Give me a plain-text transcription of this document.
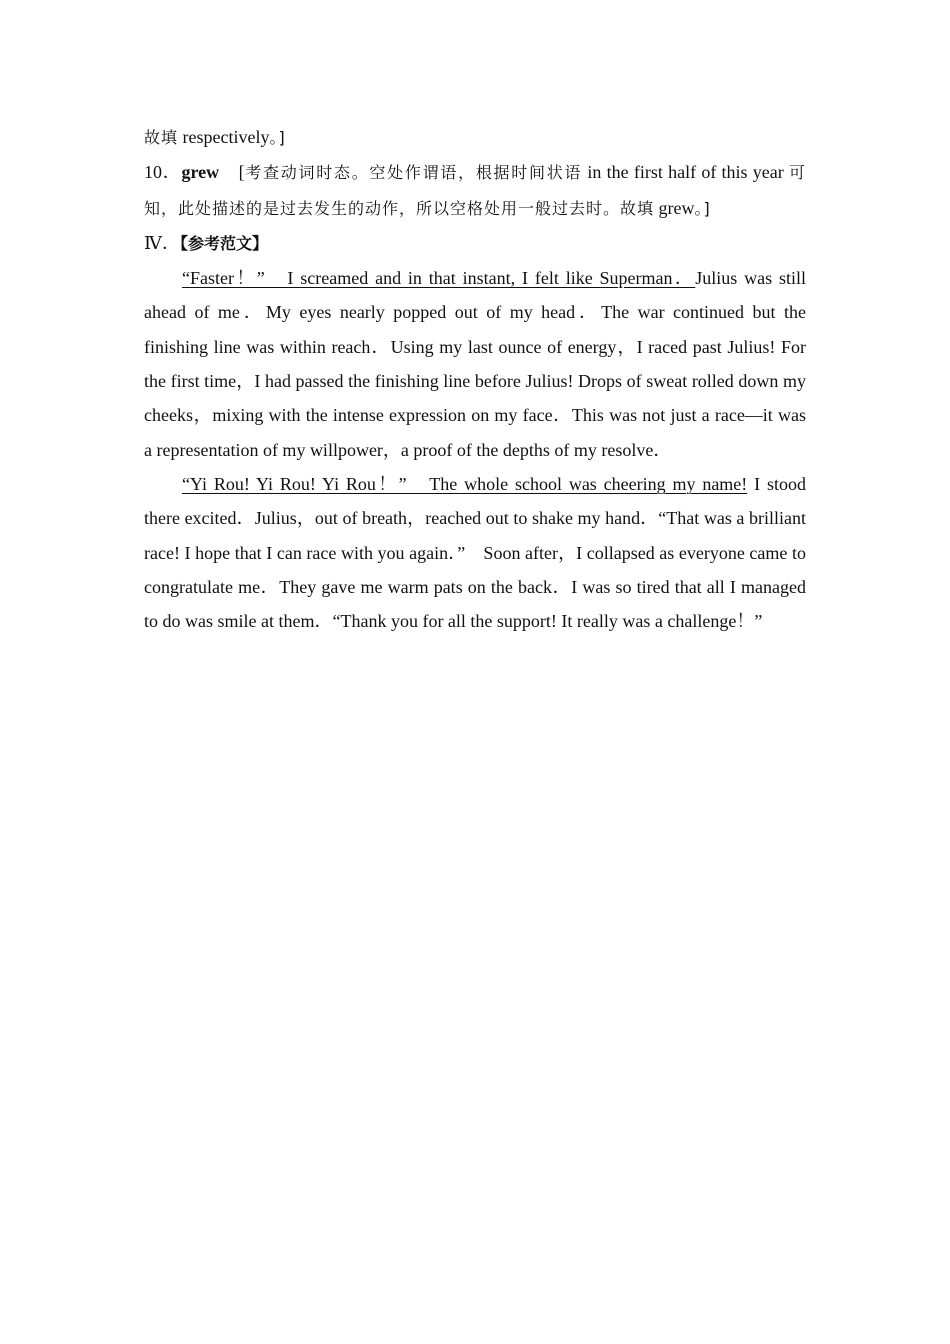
故填 respectively。]

10．grew　[考查动词时态。空处作谓语，根据时间状语 in the first half of this year 可知，此处描述的是过去发生的动作，所以空格处用一般过去时。故填 grew。]

Ⅳ．【参考范文】

“Faster！”　I screamed and in that instant, I felt like Superman．Julius was still ahead of me．My eyes nearly popped out of my head．The war continued but the finishing line was within reach．Using my last ounce of energy，I raced past Julius! For the first time，I had passed the finishing line before Julius! Drops of sweat rolled down my cheeks，mixing with the intense expression on my face．This was not just a race—it was a representation of my willpower，a proof of the depths of my resolve．

“Yi Rou! Yi Rou! Yi Rou！”　The whole school was cheering my name! I stood there excited．Julius，out of breath，reached out to shake my hand．“That was a brilliant race! I hope that I can race with you again．”　Soon after，I collapsed as everyone came to congratulate me．They gave me warm pats on the back．I was so tired that all I managed to do was smile at them．“Thank you for all the support! It really was a challenge！”
